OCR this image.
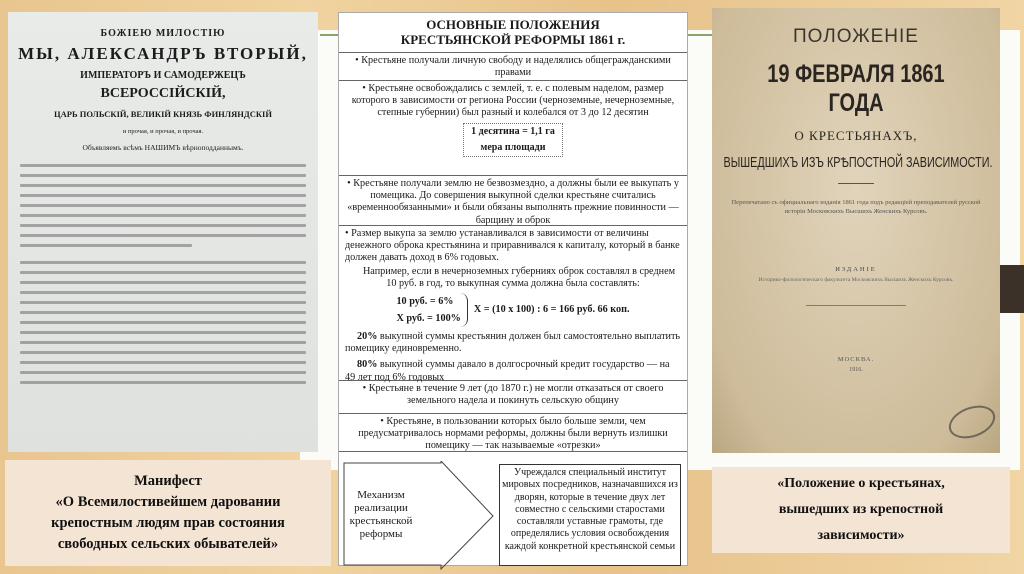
БОЖІЕЮ МИЛОСТІЮ
МЫ, АЛЕКСАНДРЪ ВТОРЫЙ,
ИМПЕРАТОРЪ И САМОДЕРЖЕЦЪ
ВСЕРОССІЙСКІЙ,
ЦАРЬ ПОЛЬСКІЙ, ВЕЛИКІЙ КНЯЗЬ ФИНЛЯНДСКІЙ
и прочая, и прочая, и прочая.
Объявляемъ всѣмъ НАШИМЪ вѣрноподданнымъ.
Манифест
«О Всемилостивейшем даровании
крепостным людям прав состояния
свободных сельских обывателей»
ОСНОВНЫЕ ПОЛОЖЕНИЯ
КРЕСТЬЯНСКОЙ РЕФОРМЫ 1861 г.
• Крестьяне получали личную свободу и наделялись общегражданскими правами
• Крестьяне освобождались с землей, т. е. с полевым наделом, размер которого в зависимости от региона России (черноземные, нечерноземные, степные губернии) был разный и колебался от 3 до 12 десятин
1 десятина = 1,1 га
мера площади
• Крестьяне получали землю не безвозмездно, а должны были ее выкупать у помещика. До совершения выкупной сделки крестьяне считались «временнообязанными» и были обязаны выполнять прежние повинности — барщину и оброк
• Размер выкупа за землю устанавливался в зависимости от величины денежного оброка крестьянина и приравнивался к капиталу, который в банке должен давать доход в 6% годовых.
Например, если в нечерноземных губерниях оброк составлял в среднем 10 руб. в год, то выкупная сумма должна была составлять:
10 руб. = 6%
X руб. = 100%
X = (10 x 100) : 6 = 166 руб. 66 коп.
20% выкупной суммы крестьянин должен был самостоятельно выплатить помещику единовременно.
80% выкупной суммы давало в долгосрочный кредит государство — на 49 лет под 6% годовых
• Крестьяне в течение 9 лет (до 1870 г.) не могли отказаться от своего земельного надела и покинуть сельскую общину
• Крестьяне, в пользовании которых было больше земли, чем предусматривалось нормами реформы, должны были вернуть излишки помещику — так называемые «отрезки»
Механизм реализации крестьянской реформы
Учреждался специальный институт мировых посредников, назначавшихся из дворян, которые в течение двух лет совместно с сельскими старостами составляли уставные грамоты, где определялись условия освобождения каждой конкретной крестьянской семьи
ПОЛОЖЕНІЕ
19 ФЕВРАЛЯ 1861 ГОДА
О КРЕСТЬЯНАХЪ,
ВЫШЕДШИХЪ ИЗЪ КРѢПОСТНОЙ ЗАВИСИМОСТИ.
Перепечатано съ официальнаго изданія 1861 года подъ редакціей преподавателей русской исторіи Московскихъ Высшихъ Женскихъ Курсовъ.
ИЗДАНІЕ
Историко-филологическаго факультета Московскихъ Высшихъ Женскихъ Курсовъ.
МОСКВА.
1916.
«Положение о крестьянах,
вышедших из крепостной
зависимости»
